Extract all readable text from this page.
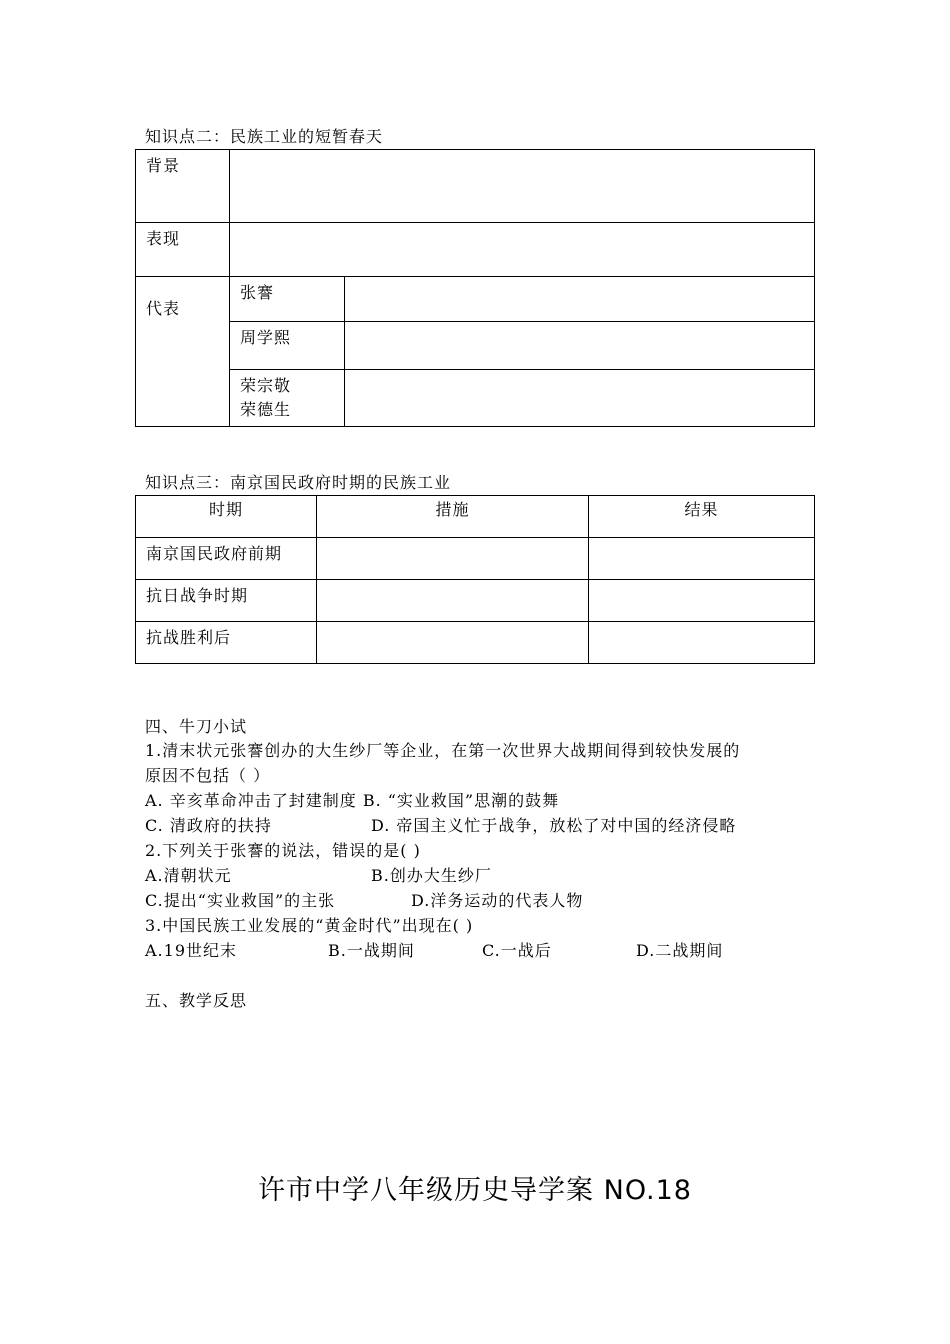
知识点二：民族工业的短暂春天
背景		

表现		

代表	张謇	

	周学熙	

	荣宗敬
荣德生	

知识点三：南京国民政府时期的民族工业
时期	措施	结果

南京国民政府前期		

抗日战争时期		

抗战胜利后		

四、牛刀小试
1.清末状元张謇创办的大生纱厂等企业，在第一次世界大战期间得到较快发展的
原因不包括（ ）
A. 辛亥革命冲击了封建制度 B. “实业救国”思潮的鼓舞
C. 清政府的扶持	D. 帝国主义忙于战争，放松了对中国的经济侵略
2.下列关于张謇的说法，错误的是( )
A.清朝状元	B.创办大生纱厂
C.提出“实业救国”的主张	D.洋务运动的代表人物
3.中国民族工业发展的“黄金时代”出现在( )
A.19世纪末	B.一战期间	C.一战后	D.二战期间
五、教学反思
许市中学八年级历史导学案 NO.18
